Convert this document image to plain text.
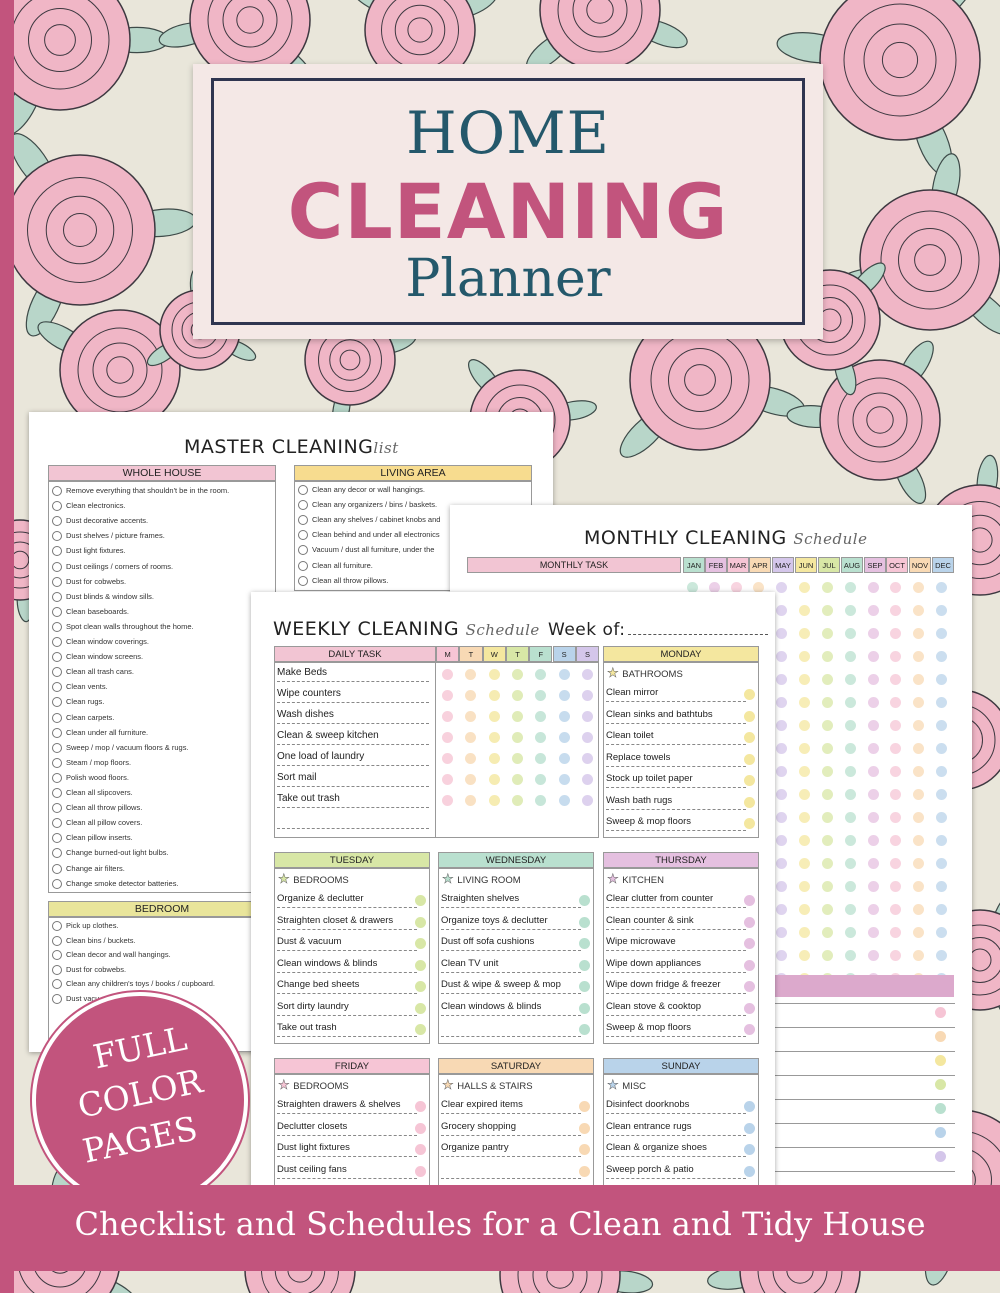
HOME
CLEANING
Planner
MASTER CLEANINGlist
WHOLE HOUSE
Remove everything that shouldn't be in the room.
Clean electronics.
Dust decorative accents.
Dust shelves / picture frames.
Dust light fixtures.
Dust ceilings / corners of rooms.
Dust for cobwebs.
Dust blinds & window sills.
Clean baseboards.
Spot clean walls throughout the home.
Clean window coverings.
Clean window screens.
Clean all trash cans.
Clean vents.
Clean rugs.
Clean carpets.
Clean under all furniture.
Sweep / mop / vacuum floors & rugs.
Steam / mop floors.
Polish wood floors.
Clean all slipcovers.
Clean all throw pillows.
Clean all pillow covers.
Clean pillow inserts.
Change burned-out light bulbs.
Change air filters.
Change smoke detector batteries.
LIVING AREA
Clean any decor or wall hangings.
Clean any organizers / bins / baskets.
Clean any shelves / cabinet knobs and
Clean behind and under all electronics
Vacuum / dust all furniture, under the
Clean all furniture.
Clean all throw pillows.
BEDROOM
Pick up clothes.
Clean bins / buckets.
Clean decor and wall hangings.
Dust for cobwebs.
Clean any children's toys / books / cupboard.
Dust vacu
MONTHLY CLEANING Schedule
MONTHLY TASK	JAN	FEB MAR APR MAY	JUN	JUL	AUG SEP OCT NOV DEC
WEEKLY CLEANING Schedule Week of:
DAILY TASK	M	T	W	T	F	S	S
Make Beds
Wipe counters
Wash dishes
Clean & sweep kitchen
One load of laundry
Sort mail
Take out trash
MONDAY
★ BATHROOMS
Clean mirror
Clean sinks and bathtubs
Clean toilet
Replace towels
Stock up toilet paper
Wash bath rugs
Sweep & mop floors
TUESDAY
★ BEDROOMS
Organize & declutter
Straighten closet & drawers
Dust & vacuum
Clean windows & blinds
Change bed sheets
Sort dirty laundry
Take out trash
WEDNESDAY
★ LIVING ROOM
Straighten shelves
Organize toys & declutter
Dust off sofa cushions
Clean TV unit
Dust & wipe & sweep & mop
Clean windows & blinds
THURSDAY
★ KITCHEN
Clear clutter from counter
Clean counter & sink
Wipe microwave
Wipe down appliances
Wipe down fridge & freezer
Clean stove & cooktop
Sweep & mop floors
FRIDAY
★ BEDROOMS
Straighten drawers & shelves
Declutter closets
Dust light fixtures
Dust ceiling fans
SATURDAY
★ HALLS & STAIRS
Clear expired items
Grocery shopping
Organize pantry
SUNDAY
★ MISC
Disinfect doorknobs
Clean entrance rugs
Clean & organize shoes
Sweep porch & patio
FULL
COLOR
PAGES
Checklist and Schedules for a Clean and Tidy House
